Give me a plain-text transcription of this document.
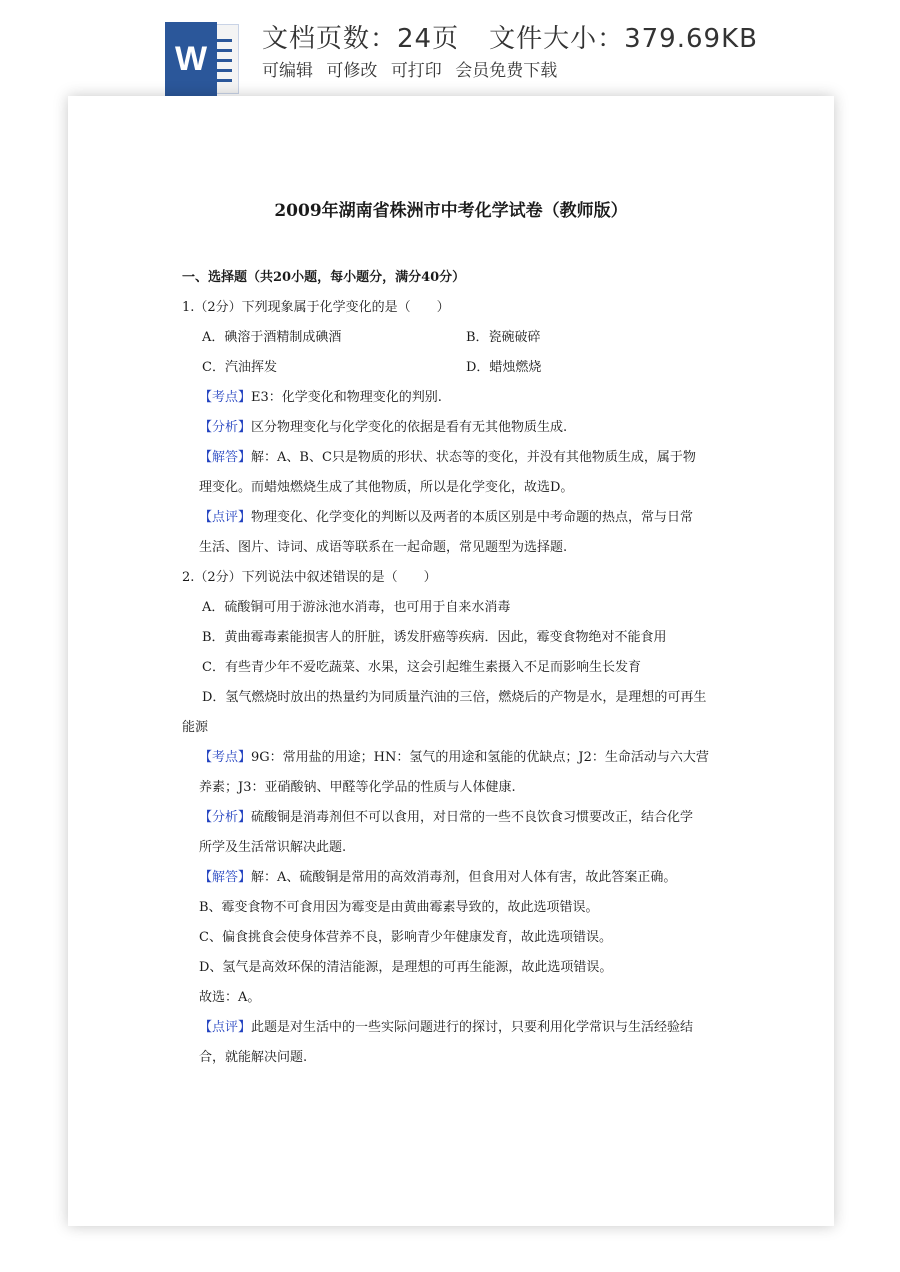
W
文档页数：24页 文件大小：379.69KB
可编辑 可修改 可打印 会员免费下载
2009年湖南省株洲市中考化学试卷（教师版）
一、选择题（共20小题，每小题分，满分40分）
1.（2分）下列现象属于化学变化的是（　　）
A．碘溶于酒精制成碘酒	B．瓷碗破碎
C．汽油挥发	D．蜡烛燃烧
【考点】E3：化学变化和物理变化的判别.
【分析】区分物理变化与化学变化的依据是看有无其他物质生成.
【解答】解：A、B、C只是物质的形状、状态等的变化，并没有其他物质生成，属于物
理变化。而蜡烛燃烧生成了其他物质，所以是化学变化，故选D。
【点评】物理变化、化学变化的判断以及两者的本质区别是中考命题的热点，常与日常
生活、图片、诗词、成语等联系在一起命题，常见题型为选择题.
2.（2分）下列说法中叙述错误的是（　　）
A．硫酸铜可用于游泳池水消毒，也可用于自来水消毒
B．黄曲霉毒素能损害人的肝脏，诱发肝癌等疾病．因此，霉变食物绝对不能食用
C．有些青少年不爱吃蔬菜、水果，这会引起维生素摄入不足而影响生长发育
D．氢气燃烧时放出的热量约为同质量汽油的三倍，燃烧后的产物是水，是理想的可再生
能源
【考点】9G：常用盐的用途；HN：氢气的用途和氢能的优缺点；J2：生命活动与六大营
养素；J3：亚硝酸钠、甲醛等化学品的性质与人体健康.
【分析】硫酸铜是消毒剂但不可以食用，对日常的一些不良饮食习惯要改正，结合化学
所学及生活常识解决此题.
【解答】解：A、硫酸铜是常用的高效消毒剂，但食用对人体有害，故此答案正确。
B、霉变食物不可食用因为霉变是由黄曲霉素导致的，故此选项错误。
C、偏食挑食会使身体营养不良，影响青少年健康发育，故此选项错误。
D、氢气是高效环保的清洁能源，是理想的可再生能源，故此选项错误。
故选：A。
【点评】此题是对生活中的一些实际问题进行的探讨，只要利用化学常识与生活经验结
合，就能解决问题.
